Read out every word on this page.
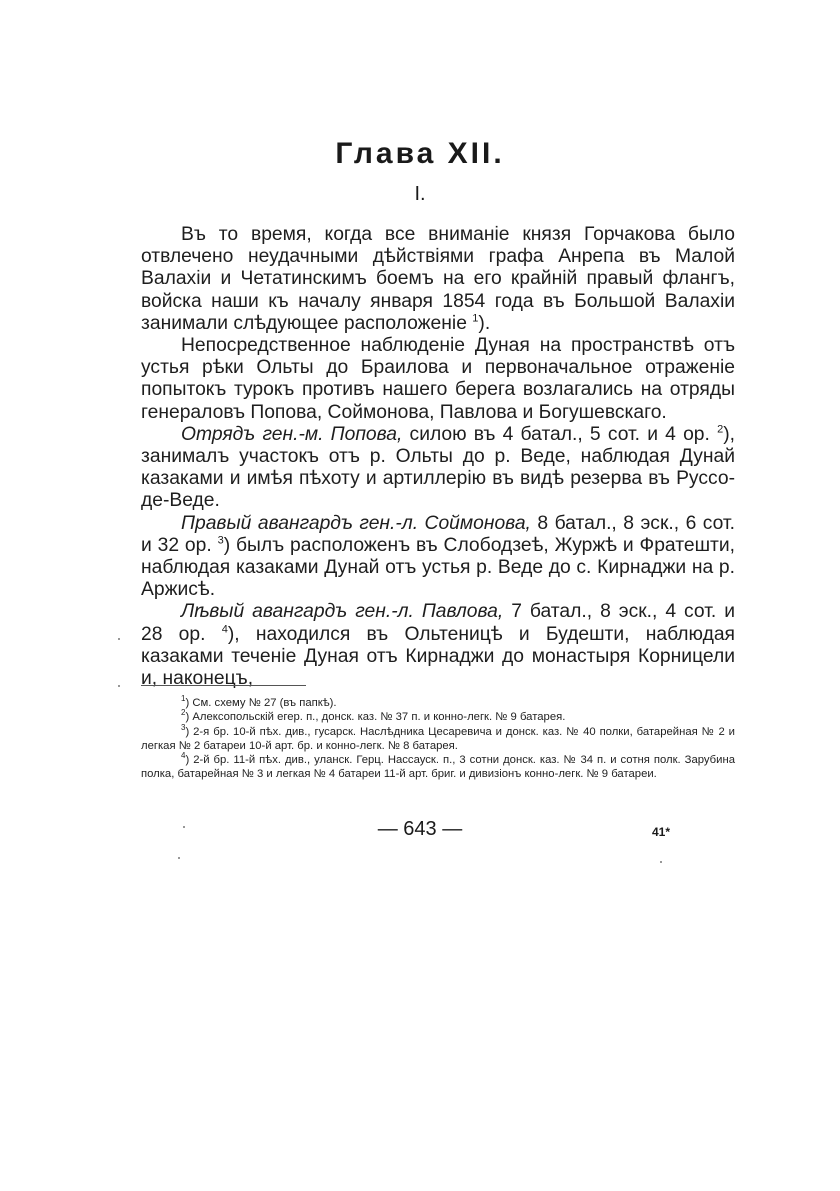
Глава XII.
I.

Въ то время, когда все вниманіе князя Горчакова было отвлечено неудачными дѣйствіями графа Анрепа въ Малой Валахіи и Четатинскимъ боемъ на его крайній правый флангъ, войска наши къ началу января 1854 года въ Большой Валахіи занимали слѣдующее расположеніе $^1$).

Непосредственное наблюденіе Дуная на пространствѣ отъ устья рѣки Ольты до Браилова и первоначальное отраженіе попытокъ турокъ противъ нашего берега возлагались на отряды генераловъ Попова, Соймонова, Павлова и Богушевскаго.

Отрядъ ген.-м. Попова, силою въ 4 батал., 5 сот. и 4 ор. $^2$), занималъ участокъ отъ р. Ольты до р. Веде, наблюдая Дунай казаками и имѣя пѣхоту и артиллерію въ видѣ резерва въ Руссо-де-Веде.

Правый авангардъ ген.-л. Соймонова, 8 батал., 8 эск., 6 сот. и 32 ор. $^3$) былъ расположенъ въ Слободзеѣ, Журжѣ и Фратешти, наблюдая казаками Дунай отъ устья р. Веде до с. Кирнаджи на р. Аржисѣ.

Лѣвый авангардъ ген.-л. Павлова, 7 батал., 8 эск., 4 сот. и 28 ор. $^4$), находился въ Ольтеницѣ и Будешти, наблюдая казаками теченіе Дуная отъ Кирнаджи до монастыря Корницели и, наконецъ,

$^1$) См. схему № 27 (въ папкѣ).

$^2$) Алексопольскій егер. п., донск. каз. № 37 п. и конно-легк. № 9 батарея.

$^3$) 2-я бр. 10-й пѣх. див., гусарск. Наслѣдника Цесаревича и донск. каз. № 40 полки, батарейная № 2 и легкая № 2 батареи 10-й арт. бр. и конно-легк. № 8 батарея.

$^4$) 2-й бр. 11-й пѣх. див., уланск. Герц. Нассауск. п., 3 сотни донск. каз. № 34 п. и сотня полк. Зарубина полка, батарейная № 3 и легкая № 4 батареи 11-й арт. бриг. и дивизіонъ конно-легк. № 9 батареи.

— 643 —	41*
